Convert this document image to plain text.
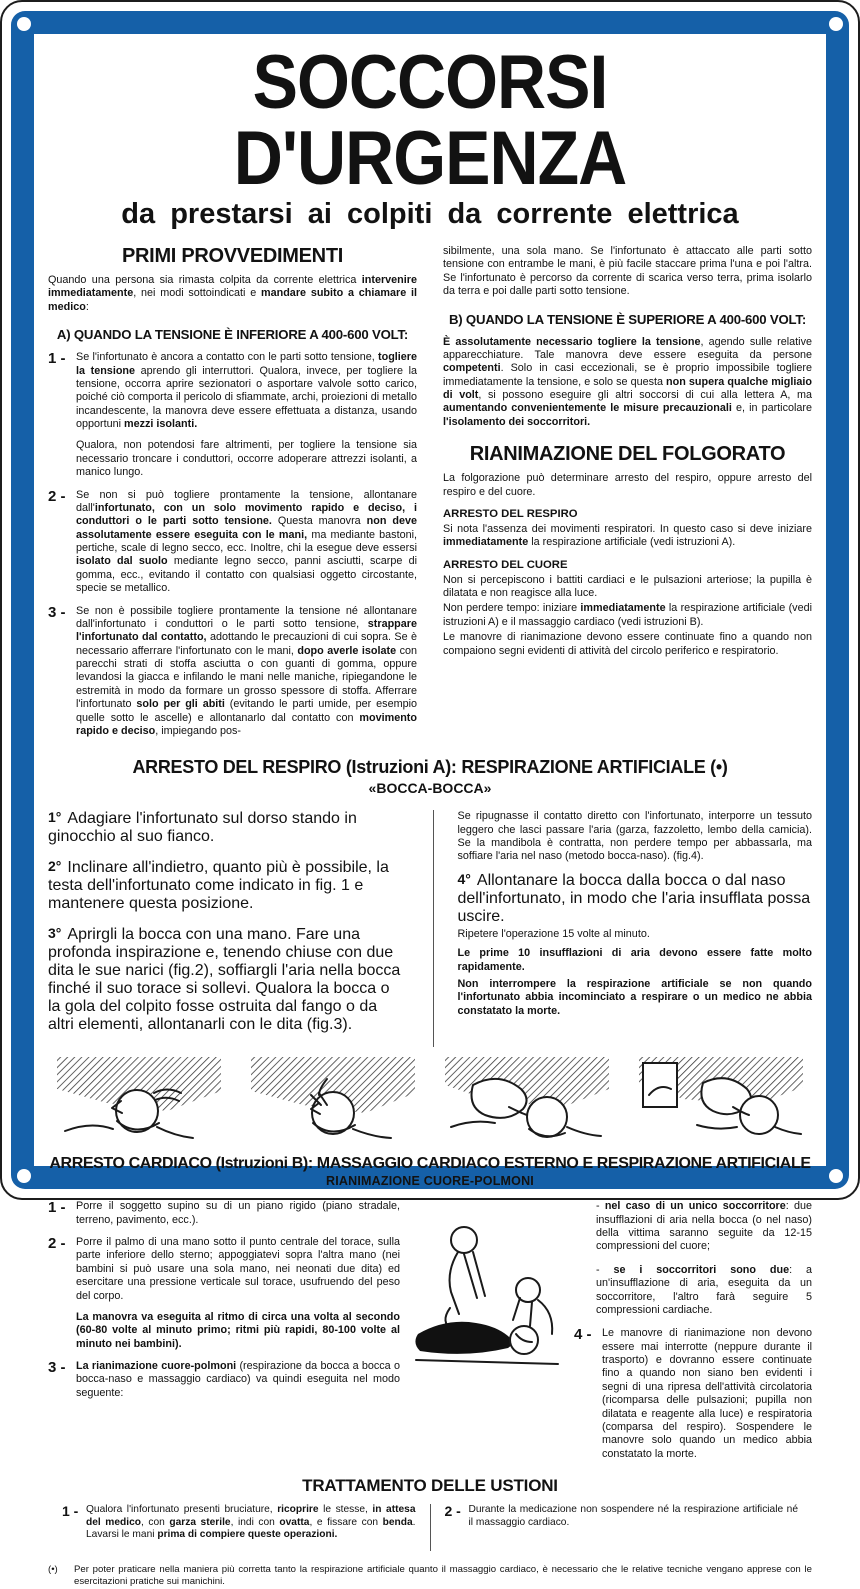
SOCCORSI D'URGENZA
da prestarsi ai colpiti da corrente elettrica
PRIMI PROVVEDIMENTI

Quando una persona sia rimasta colpita da corrente elettrica intervenire immediatamente, nei modi sottoindicati e mandare subito a chiamare il medico:

A) QUANDO LA TENSIONE È INFERIORE A 400-600 VOLT:
1 - Se l'infortunato è ancora a contatto con le parti sotto tensione, togliere la tensione aprendo gli interruttori. Qualora, invece, per togliere la tensione, occorra aprire sezionatori o asportare valvole sotto carico, poiché ciò comporta il pericolo di sfiammate, archi, proiezioni di metallo incandescente, la manovra deve essere effettuata a distanza, usando opportuni mezzi isolanti.

Qualora, non potendosi fare altrimenti, per togliere la tensione sia necessario troncare i conduttori, occorre adoperare attrezzi isolanti, a manico lungo.

2 - Se non si può togliere prontamente la tensione, allontanare dall'infortunato, con un solo movimento rapido e deciso, i conduttori o le parti sotto tensione. Questa manovra non deve assolutamente essere eseguita con le mani, ma mediante bastoni, pertiche, scale di legno secco, ecc. Inoltre, chi la esegue deve essersi isolato dal suolo mediante legno secco, panni asciutti, scarpe di gomma, ecc., evitando il contatto con qualsiasi oggetto circostante, specie se metallico.

3 - Se non è possibile togliere prontamente la tensione né allontanare dall'infortunato i conduttori o le parti sotto tensione, strappare l'infortunato dal contatto, adottando le precauzioni di cui sopra. Se è necessario afferrare l'infortunato con le mani, dopo averle isolate con parecchi strati di stoffa asciutta o con guanti di gomma, oppure levandosi la giacca e infilando le mani nelle maniche, ripiegandone le estremità in modo da formare un grosso spessore di stoffa. Afferrare l'infortunato solo per gli abiti (evitando le parti umide, per esempio quelle sotto le ascelle) e allontanarlo dal contatto con movimento rapido e deciso, impiegando pos-

sibilmente, una sola mano. Se l'infortunato è attaccato alle parti sotto tensione con entrambe le mani, è più facile staccare prima l'una e poi l'altra. Se l'infortunato è percorso da corrente di scarica verso terra, prima isolarlo da terra e poi dalle parti sotto tensione.

B) QUANDO LA TENSIONE È SUPERIORE A 400-600 VOLT:

È assolutamente necessario togliere la tensione, agendo sulle relative apparecchiature. Tale manovra deve essere eseguita da persone competenti. Solo in casi eccezionali, se è proprio impossibile togliere immediatamente la tensione, e solo se questa non supera qualche migliaio di volt, si possono eseguire gli altri soccorsi di cui alla lettera A, ma aumentando convenientemente le misure precauzionali e, in particolare l'isolamento dei soccorritori.

RIANIMAZIONE DEL FOLGORATO

La folgorazione può determinare arresto del respiro, oppure arresto del respiro e del cuore.

ARRESTO DEL RESPIRO

Si nota l'assenza dei movimenti respiratori. In questo caso si deve iniziare immediatamente la respirazione artificiale (vedi istruzioni A).

ARRESTO DEL CUORE

Non si percepiscono i battiti cardiaci e le pulsazioni arteriose; la pupilla è dilatata e non reagisce alla luce.

Non perdere tempo: iniziare immediatamente la respirazione artificiale (vedi istruzioni A) e il massaggio cardiaco (vedi istruzioni B).

Le manovre di rianimazione devono essere continuate fino a quando non compaiono segni evidenti di attività del circolo periferico e respiratorio.

ARRESTO DEL RESPIRO (Istruzioni A): RESPIRAZIONE ARTIFICIALE (•)
«BOCCA-BOCCA»
1° Adagiare l'infortunato sul dorso stando in ginocchio al suo fianco.
2° Inclinare all'indietro, quanto più è possibile, la testa dell'infortunato come indicato in fig. 1 e mantenere questa posizione.
3° Aprirgli la bocca con una mano. Fare una profonda inspirazione e, tenendo chiuse con due dita le sue narici (fig.2), soffiargli l'aria nella bocca finché il suo torace si sollevi. Qualora la bocca o la gola del colpito fosse ostruita dal fango o da altri elementi, allontanarli con le dita (fig.3).

Se ripugnasse il contatto diretto con l'infortunato, interporre un tessuto leggero che lasci passare l'aria (garza, fazzoletto, lembo della camicia). Se la mandibola è contratta, non perdere tempo per abbassarla, ma soffiare l'aria nel naso (metodo bocca-naso). (fig.4).

4° Allontanare la bocca dalla bocca o dal naso dell'infortunato, in modo che l'aria insufflata possa uscire.

Ripetere l'operazione 15 volte al minuto.

Le prime 10 insufflazioni di aria devono essere fatte molto rapidamente.

Non interrompere la respirazione artificiale se non quando l'infortunato abbia incominciato a respirare o un medico ne abbia constatato la morte.

ARRESTO CARDIACO (Istruzioni B): MASSAGGIO CARDIACO ESTERNO E RESPIRAZIONE ARTIFICIALE
RIANIMAZIONE CUORE-POLMONI
1 - Porre il soggetto supino su di un piano rigido (piano stradale, terreno, pavimento, ecc.).

2 - Porre il palmo di una mano sotto il punto centrale del torace, sulla parte inferiore dello sterno; appoggiatevi sopra l'altra mano (nei bambini si può usare una sola mano, nei neonati due dita) ed esercitare una pressione verticale sul torace, usufruendo del peso del corpo.

La manovra va eseguita al ritmo di circa una volta al secondo (60-80 volte al minuto primo; ritmi più rapidi, 80-100 volte al minuto nei bambini).

3 - La rianimazione cuore-polmoni (respirazione da bocca a bocca o bocca-naso e massaggio cardiaco) va quindi eseguita nel modo seguente:

- nel caso di un unico soccorritore: due insufflazioni di aria nella bocca (o nel naso) della vittima saranno seguite da 12-15 compressioni del cuore;

- se i soccorritori sono due: a un'insufflazione di aria, eseguita da un soccorritore, l'altro farà seguire 5 compressioni cardiache.

4 - Le manovre di rianimazione non devono essere mai interrotte (neppure durante il trasporto) e dovranno essere continuate fino a quando non siano ben evidenti i segni di una ripresa dell'attività circolatoria (ricomparsa delle pulsazioni; pupilla non dilatata e reagente alla luce) e respiratoria (comparsa del respiro). Sospendere le manovre solo quando un medico abbia constatato la morte.

TRATTAMENTO DELLE USTIONI
1 - Qualora l'infortunato presenti bruciature, ricoprire le stesse, in attesa del medico, con garza sterile, indi con ovatta, e fissare con benda. Lavarsi le mani prima di compiere queste operazioni.

2 - Durante la medicazione non sospendere né la respirazione artificiale né il massaggio cardiaco.

(•)	Per poter praticare nella maniera più corretta tanto la respirazione artificiale quanto il massaggio cardiaco, è necessario che le relative tecniche vengano apprese con le esercitazioni pratiche sui manichini.
